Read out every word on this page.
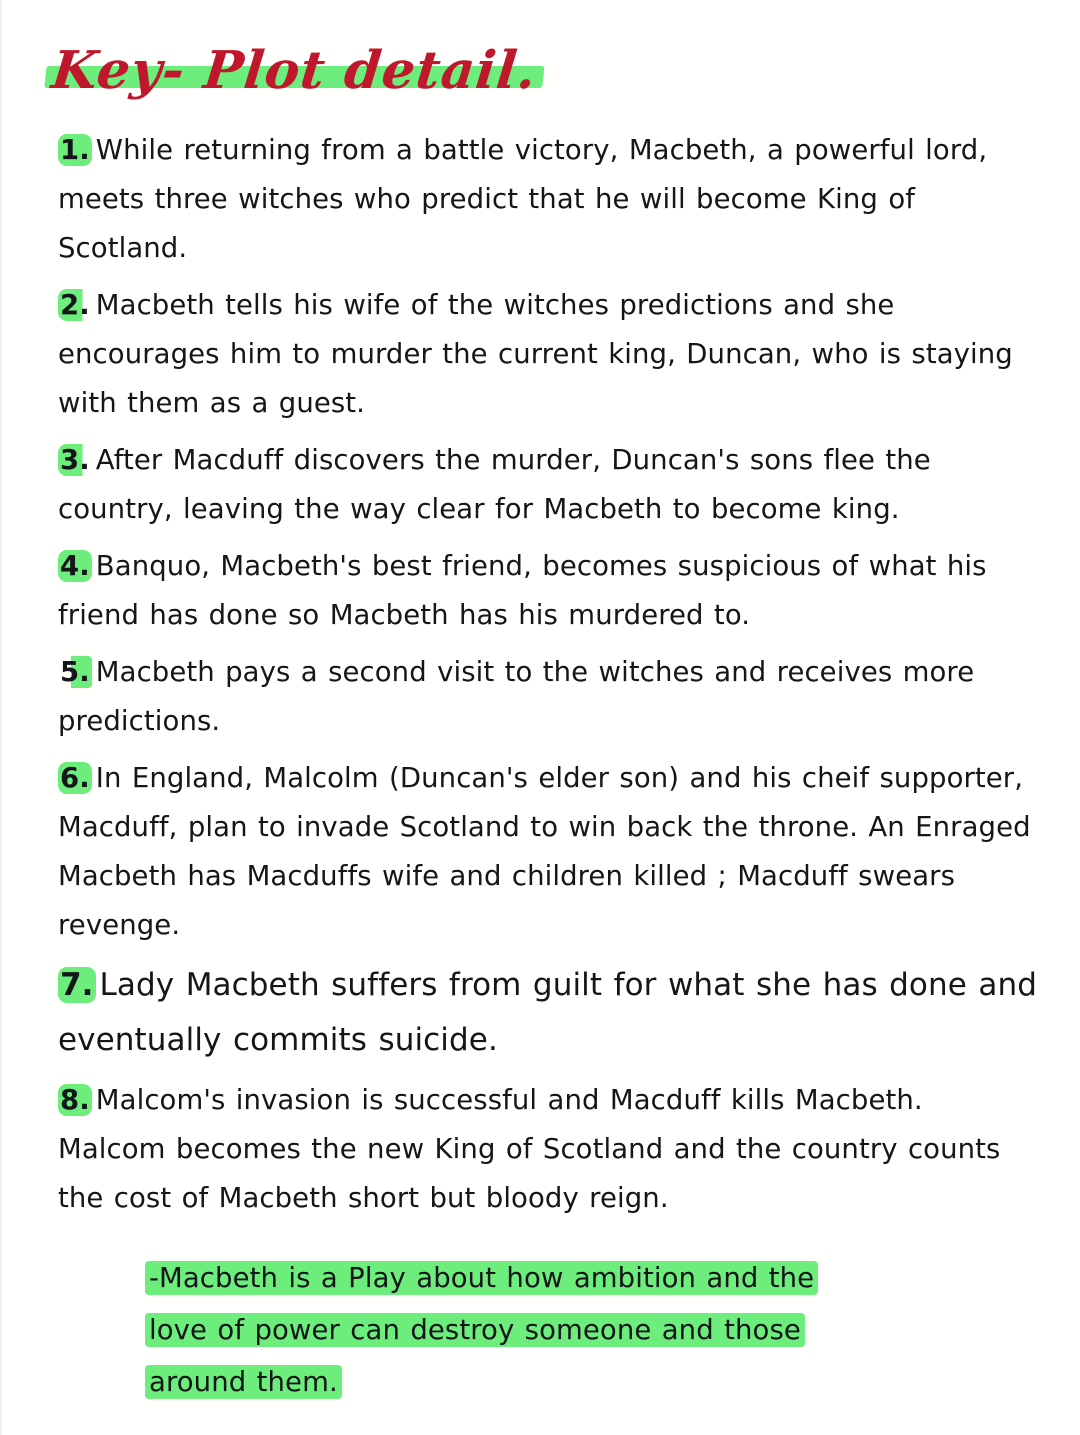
Key- Plot detail.
1. While returning from a battle victory, Macbeth, a powerful lord, meets three witches who predict that he will become King of Scotland.
2. Macbeth tells his wife of the witches predictions and she encourages him to murder the current king, Duncan, who is staying with them as a guest.
3. After Macduff discovers the murder, Duncan's sons flee the country, leaving the way clear for Macbeth to become king.
4. Banquo, Macbeth's best friend, becomes suspicious of what his friend has done so Macbeth has his murdered to.
5. Macbeth pays a second visit to the witches and receives more predictions.
6. In England, Malcolm (Duncan's elder son) and his cheif supporter, Macduff, plan to invade Scotland to win back the throne. An Enraged Macbeth has Macduffs wife and children killed ; Macduff swears revenge.
7. Lady Macbeth suffers from guilt for what she has done and eventually commits suicide.
8. Malcom's invasion is successful and Macduff kills Macbeth. Malcom becomes the new King of Scotland and the country counts the cost of Macbeth short but bloody reign.
-Macbeth is a Play about how ambition and the
love of power can destroy someone and those
around them.
